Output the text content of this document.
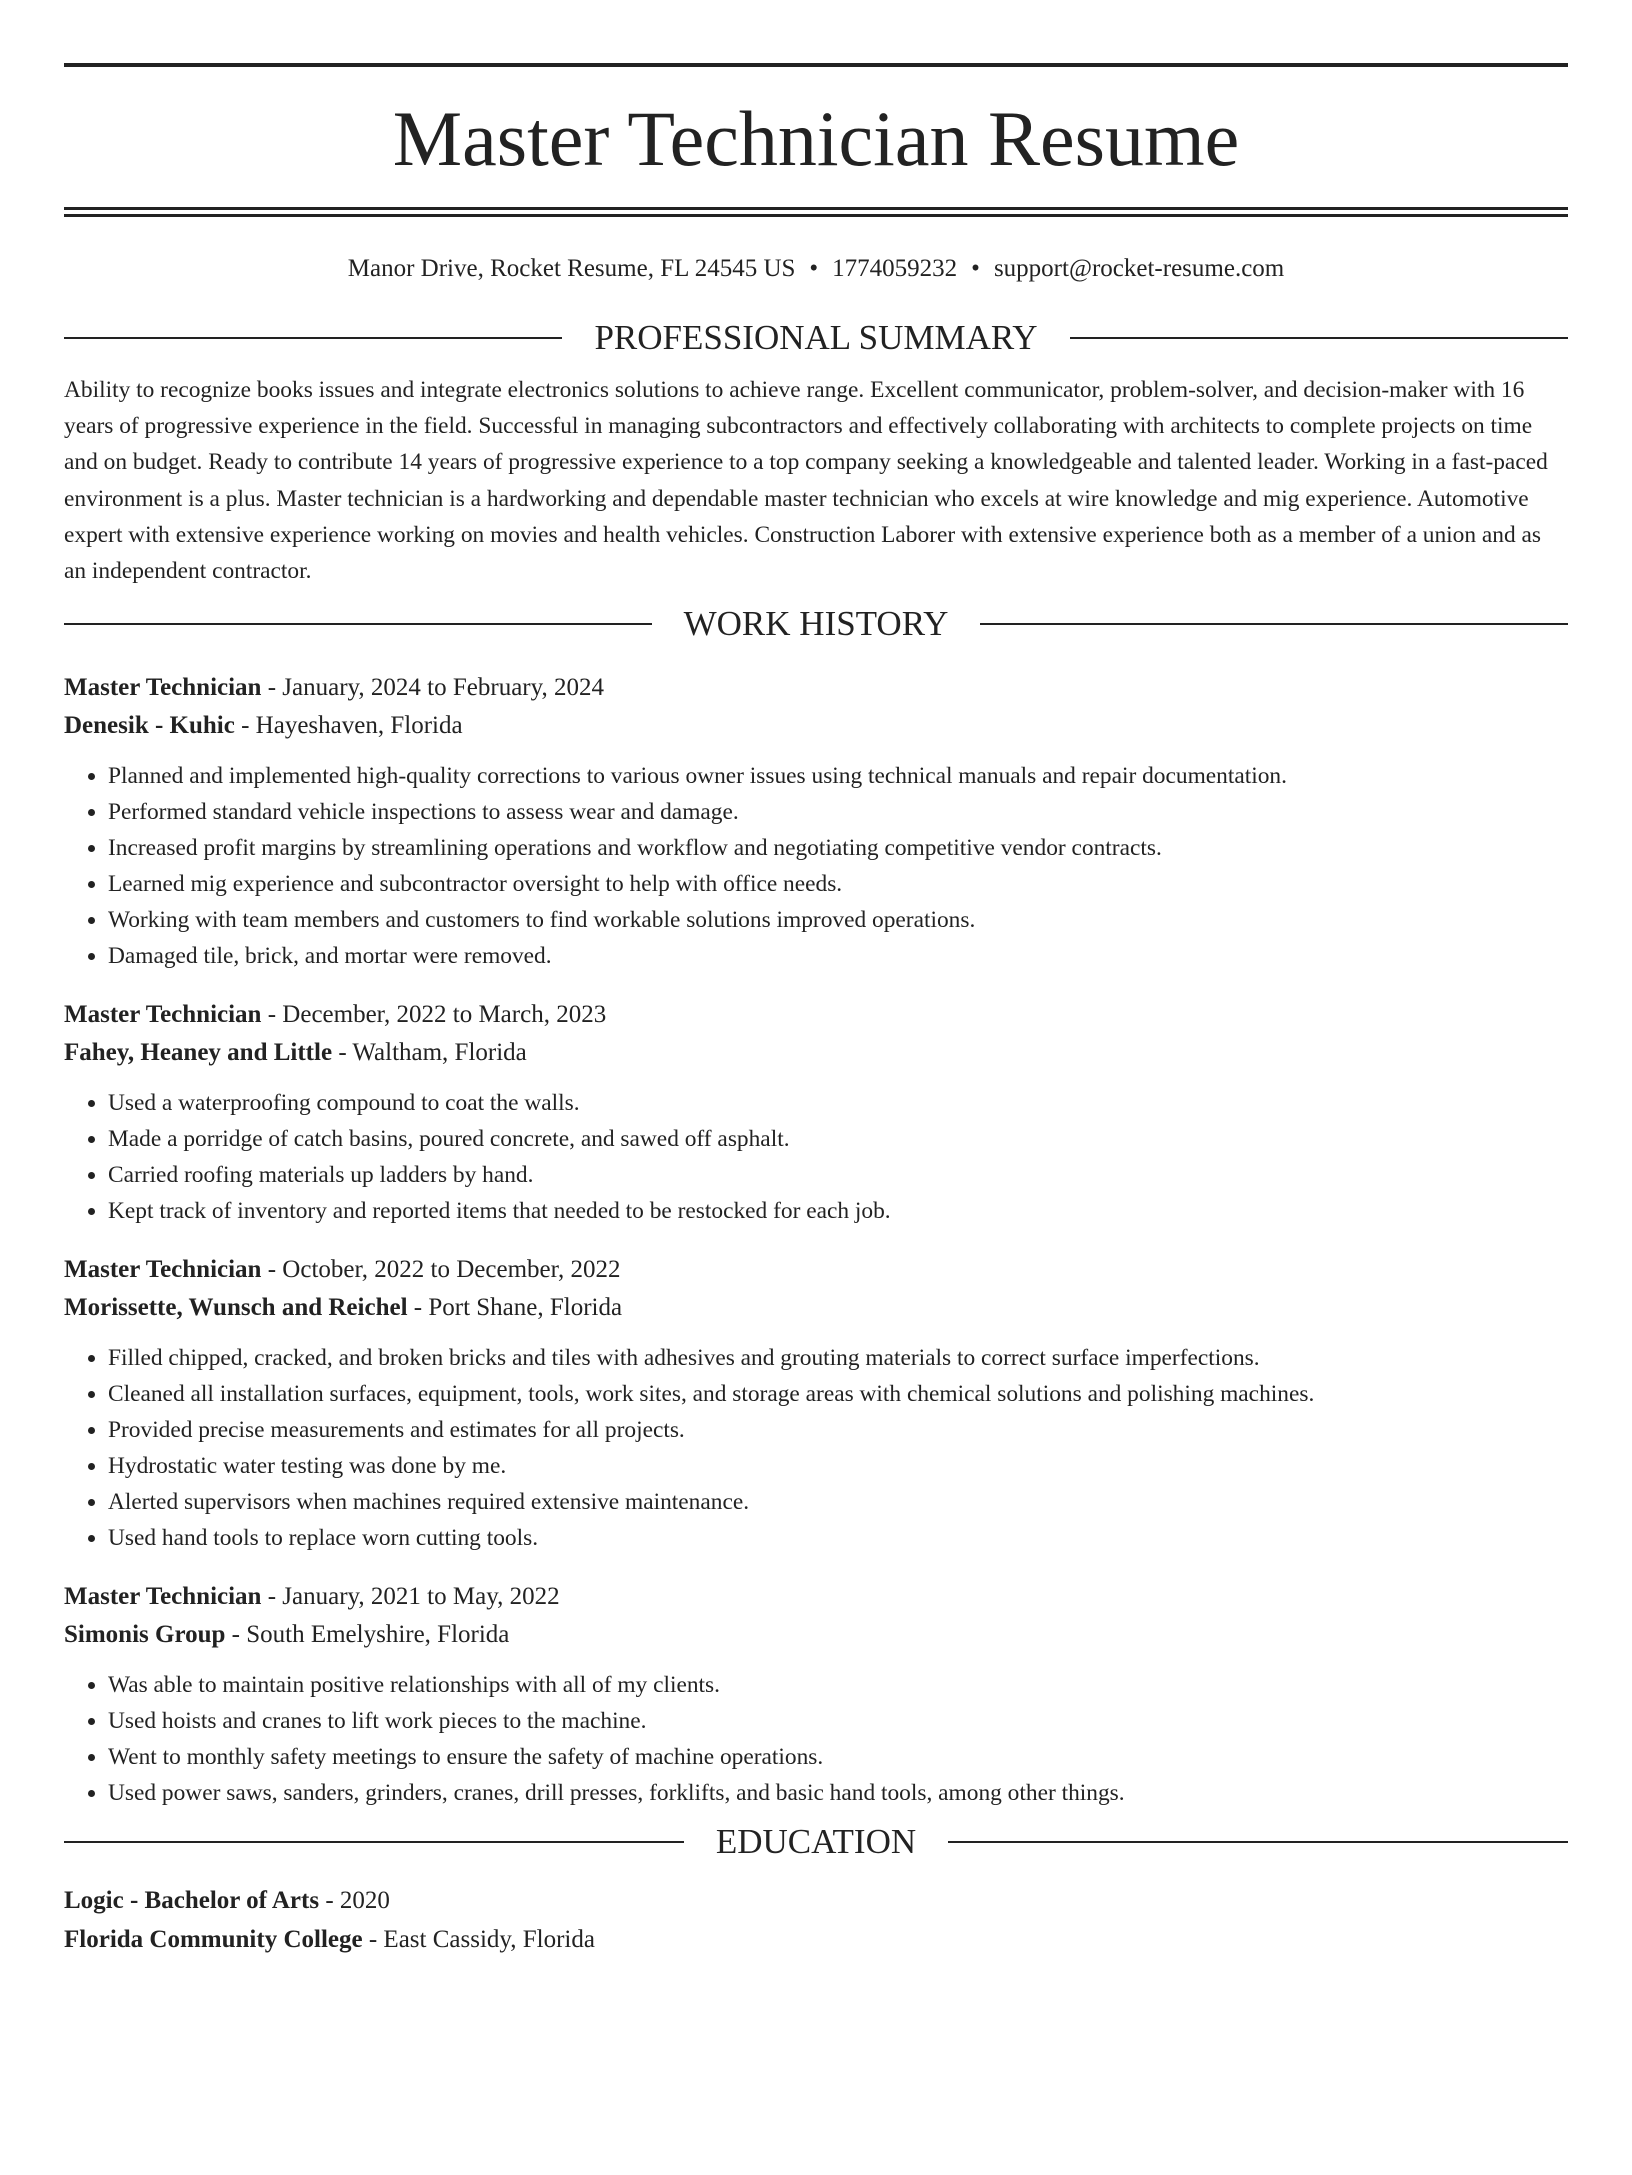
Master Technician Resume
Manor Drive, Rocket Resume, FL 24545 US • 1774059232 • support@rocket-resume.com
PROFESSIONAL SUMMARY
Ability to recognize books issues and integrate electronics solutions to achieve range. Excellent communicator, problem-solver, and decision-maker with 16 years of progressive experience in the field. Successful in managing subcontractors and effectively collaborating with architects to complete projects on time and on budget. Ready to contribute 14 years of progressive experience to a top company seeking a knowledgeable and talented leader. Working in a fast-paced environment is a plus. Master technician is a hardworking and dependable master technician who excels at wire knowledge and mig experience. Automotive expert with extensive experience working on movies and health vehicles. Construction Laborer with extensive experience both as a member of a union and as an independent contractor.
WORK HISTORY
Master Technician - January, 2024 to February, 2024
Denesik - Kuhic - Hayeshaven, Florida
• Planned and implemented high-quality corrections to various owner issues using technical manuals and repair documentation.
• Performed standard vehicle inspections to assess wear and damage.
• Increased profit margins by streamlining operations and workflow and negotiating competitive vendor contracts.
• Learned mig experience and subcontractor oversight to help with office needs.
• Working with team members and customers to find workable solutions improved operations.
• Damaged tile, brick, and mortar were removed.
Master Technician - December, 2022 to March, 2023
Fahey, Heaney and Little - Waltham, Florida
• Used a waterproofing compound to coat the walls.
• Made a porridge of catch basins, poured concrete, and sawed off asphalt.
• Carried roofing materials up ladders by hand.
• Kept track of inventory and reported items that needed to be restocked for each job.
Master Technician - October, 2022 to December, 2022
Morissette, Wunsch and Reichel - Port Shane, Florida
• Filled chipped, cracked, and broken bricks and tiles with adhesives and grouting materials to correct surface imperfections.
• Cleaned all installation surfaces, equipment, tools, work sites, and storage areas with chemical solutions and polishing machines.
• Provided precise measurements and estimates for all projects.
• Hydrostatic water testing was done by me.
• Alerted supervisors when machines required extensive maintenance.
• Used hand tools to replace worn cutting tools.
Master Technician - January, 2021 to May, 2022
Simonis Group - South Emelyshire, Florida
• Was able to maintain positive relationships with all of my clients.
• Used hoists and cranes to lift work pieces to the machine.
• Went to monthly safety meetings to ensure the safety of machine operations.
• Used power saws, sanders, grinders, cranes, drill presses, forklifts, and basic hand tools, among other things.
EDUCATION
Logic - Bachelor of Arts - 2020
Florida Community College - East Cassidy, Florida
